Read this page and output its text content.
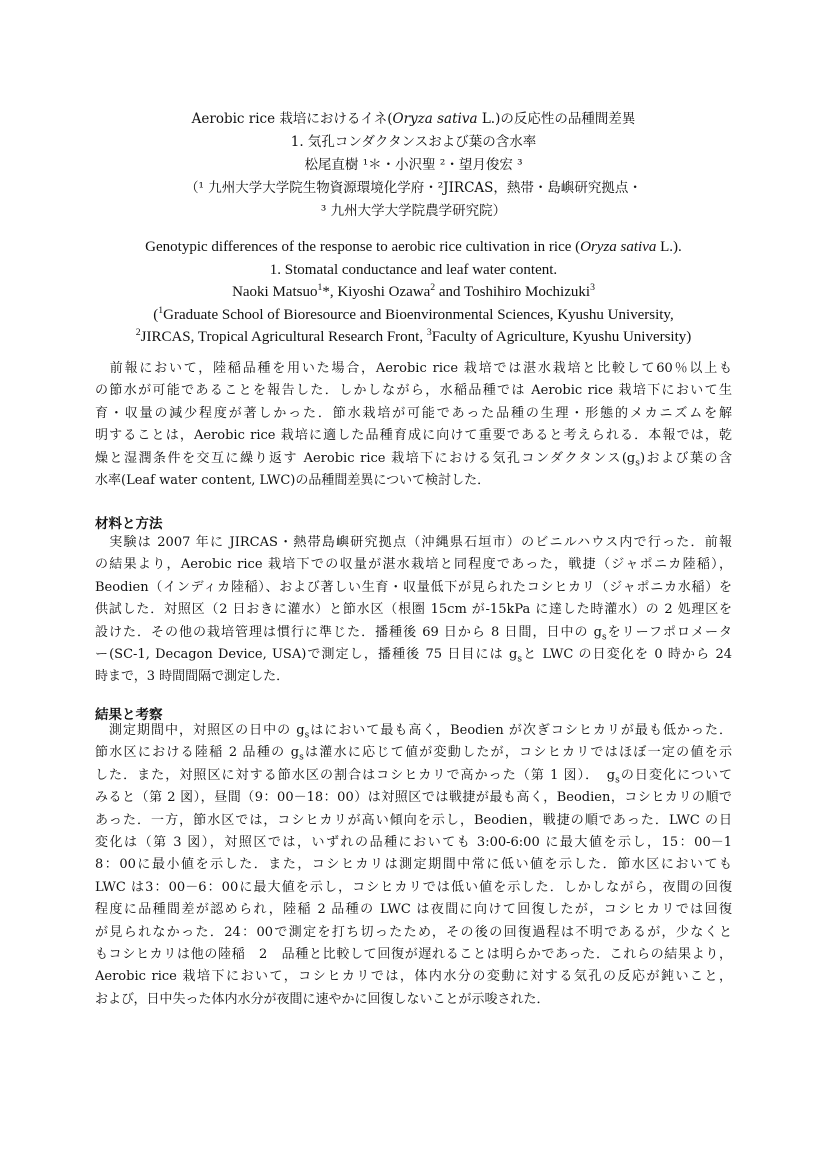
Aerobic rice 栽培におけるイネ(Oryza sativa L.)の反応性の品種間差異
1. 気孔コンダクタンスおよび葉の含水率
松尾直樹 ¹＊・小沢聖 ²・望月俊宏 ³
（¹ 九州大学大学院生物資源環境化学府・²JIRCAS，熱帯・島嶼研究拠点・
³ 九州大学大学院農学研究院）
Genotypic differences of the response to aerobic rice cultivation in rice (Oryza sativa L.).
1. Stomatal conductance and leaf water content.
Naoki Matsuo$^1$*, Kiyoshi Ozawa$^2$ and Toshihiro Mochizuki$^3$
($^1$Graduate School of Bioresource and Bioenvironmental Sciences, Kyushu University,
$^2$JIRCAS, Tropical Agricultural Research Front, $^3$Faculty of Agriculture, Kyushu University)
　前報において，陸稲品種を用いた場合，Aerobic rice 栽培では湛水栽培と比較して60％以上も
の節水が可能であることを報告した．しかしながら，水稲品種では Aerobic rice 栽培下において生
育・収量の減少程度が著しかった．節水栽培が可能であった品種の生理・形態的メカニズムを解
明することは，Aerobic rice 栽培に適した品種育成に向けて重要であると考えられる．本報では，乾
燥と湿潤条件を交互に繰り返す Aerobic rice 栽培下における気孔コンダクタンス$(g_s)$および葉の含
水率(Leaf water content, LWC)の品種間差異について検討した．
材料と方法
　実験は 2007 年に JIRCAS・熱帯島嶼研究拠点（沖縄県石垣市）のビニルハウス内で行った．前報
の結果より，Aerobic rice 栽培下での収量が湛水栽培と同程度であった，戦捷（ジャポニカ陸稲），
Beodien（インディカ陸稲）、および著しい生育・収量低下が見られたコシヒカリ（ジャポニカ水稲）を
供試した．対照区（2 日おきに灌水）と節水区（根圏 15cm が-15kPa に達した時灌水）の 2 処理区を
設けた．その他の栽培管理は慣行に準じた．播種後 69 日から 8 日間，日中の $g_s$をリーフポロメータ
ー(SC-1, Decagon Device, USA)で測定し，播種後 75 日目には $g_s$と LWC の日変化を 0 時から 24
時まで，3 時間間隔で測定した．
結果と考察
　測定期間中，対照区の日中の $g_s$はにおいて最も高く，Beodien が次ぎコシヒカリが最も低かった．
節水区における陸稲 2 品種の $g_s$は灌水に応じて値が変動したが，コシヒカリではほぼ一定の値を示
した．また，対照区に対する節水区の割合はコシヒカリで高かった（第 1 図）．　$g_s$の日変化について
みると（第 2 図），昼間（9：00－18：00）は対照区では戦捷が最も高く，Beodien，コシヒカリの順で
あった．一方，節水区では，コシヒカリが高い傾向を示し，Beodien，戦捷の順であった．LWC の日
変化は（第 3 図），対照区では，いずれの品種においても 3:00-6:00 に最大値を示し，15：00－1
8：00に最小値を示した．また，コシヒカリは測定期間中常に低い値を示した．節水区においても
LWC は3：00－6：00に最大値を示し，コシヒカリでは低い値を示した．しかしながら，夜間の回復
程度に品種間差が認められ，陸稲 2 品種の LWC は夜間に向けて回復したが，コシヒカリでは回復
が見られなかった．24：00で測定を打ち切ったため，その後の回復過程は不明であるが，少なくと
もコシヒカリは他の陸稲　2　品種と比較して回復が遅れることは明らかであった．これらの結果より，
Aerobic rice 栽培下において，コシヒカリでは，体内水分の変動に対する気孔の反応が鈍いこと，
および，日中失った体内水分が夜間に速やかに回復しないことが示唆された．
